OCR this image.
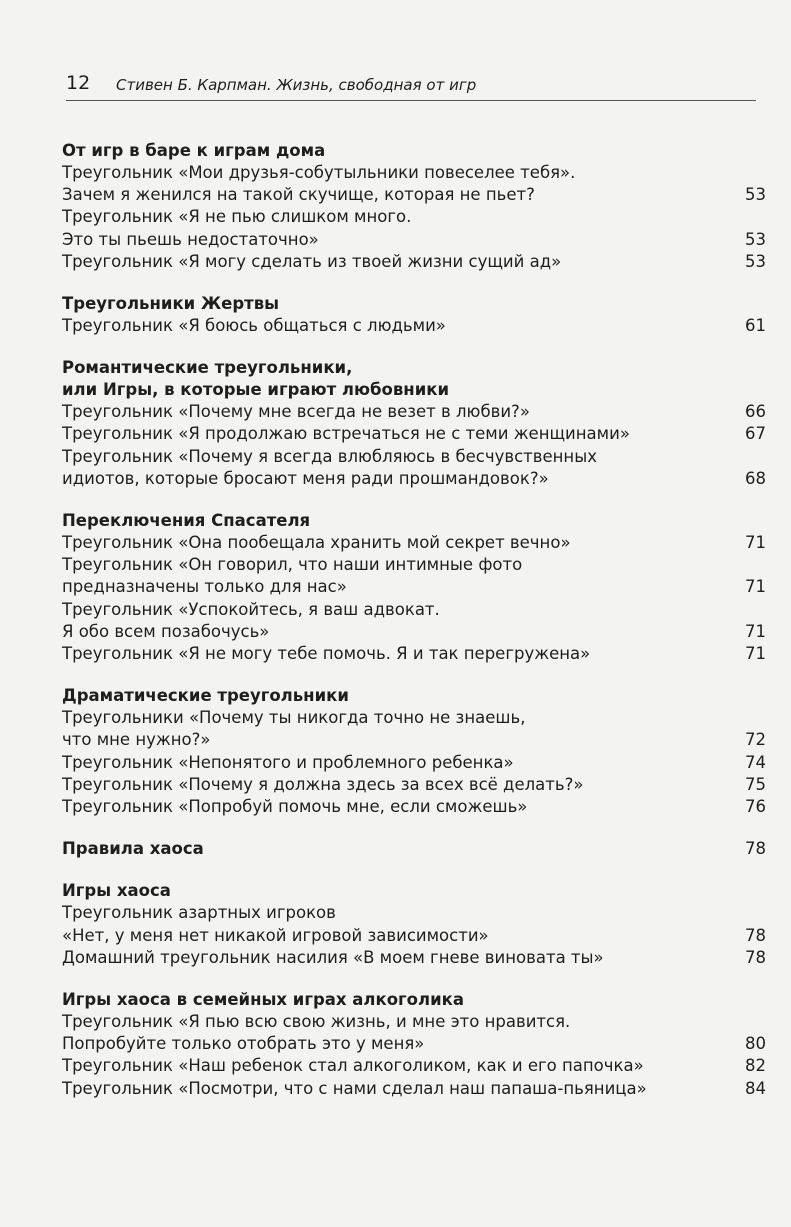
12 Стивен Б. Карпман. Жизнь, свободная от игр
От игр в баре к играм дома
Треугольник «Мои друзья-собутыльники повеселее тебя».
Зачем я женился на такой скучище, которая не пьет?	53
Треугольник «Я не пью слишком много.
Это ты пьешь недостаточно»	53
Треугольник «Я могу сделать из твоей жизни сущий ад»	53
Треугольники Жертвы
Треугольник «Я боюсь общаться с людьми»	61
Романтические треугольники,
или Игры, в которые играют любовники
Треугольник «Почему мне всегда не везет в любви?»	66
Треугольник «Я продолжаю встречаться не с теми женщинами»	67
Треугольник «Почему я всегда влюбляюсь в бесчувственных
идиотов, которые бросают меня ради прошмандовок?»	68
Переключения Спасателя
Треугольник «Она пообещала хранить мой секрет вечно»	71
Треугольник «Он говорил, что наши интимные фото
предназначены только для нас»	71
Треугольник «Успокойтесь, я ваш адвокат.
Я обо всем позабочусь»	71
Треугольник «Я не могу тебе помочь. Я и так перегружена»	71
Драматические треугольники
Треугольники «Почему ты никогда точно не знаешь,
что мне нужно?»	72
Треугольник «Непонятого и проблемного ребенка»	74
Треугольник «Почему я должна здесь за всех всё делать?»	75
Треугольник «Попробуй помочь мне, если сможешь»	76
Правила хаоса	78
Игры хаоса
Треугольник азартных игроков
«Нет, у меня нет никакой игровой зависимости»	78
Домашний треугольник насилия «В моем гневе виновата ты»	78
Игры хаоса в семейных играх алкоголика
Треугольник «Я пью всю свою жизнь, и мне это нравится.
Попробуйте только отобрать это у меня»	80
Треугольник «Наш ребенок стал алкоголиком, как и его папочка»	82
Треугольник «Посмотри, что с нами сделал наш папаша-пьяница»	84
